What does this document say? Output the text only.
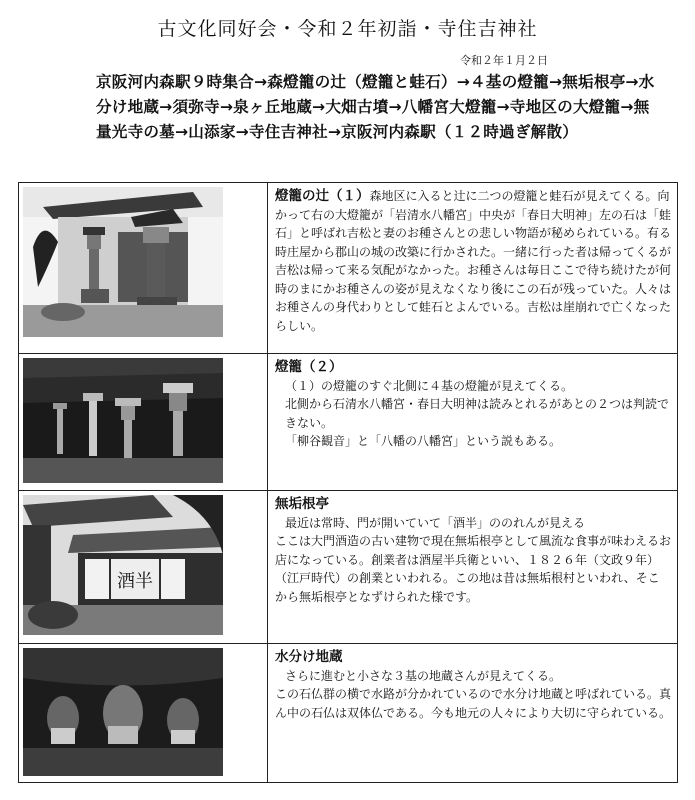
古文化同好会・令和２年初詣・寺住吉神社
令和２年１月２日
京阪河内森駅９時集合→森燈籠の辻（燈籠と蛙石）→４基の燈籠→無垢根亭→水分け地蔵→須弥寺→泉ヶ丘地蔵→大畑古墳→八幡宮大燈籠→寺地区の大燈籠→無量光寺の墓→山添家→寺住吉神社→京阪河内森駅（１２時過ぎ解散）
	燈籠の辻（１）森地区に入ると辻に二つの燈籠と蛙石が見えてくる。向かって右の大燈籠が「岩清水八幡宮」中央が「春日大明神」左の石は「蛙石」と呼ばれ吉松と妻のお種さんとの悲しい物語が秘められている。有る時庄屋から郡山の城の改築に行かされた。一緒に行った者は帰ってくるが吉松は帰って来る気配がなかった。お種さんは毎日ここで待ち続けたが何時のまにかお種さんの姿が見えなくなり後にこの石が残っていた。人々はお種さんの身代わりとして蛙石とよんでいる。吉松は崖崩れで亡くなったらしい。

燈籠（２）
（１）の燈籠のすぐ北側に４基の燈籠が見えてくる。
北側から石清水八幡宮・春日大明神は読みとれるがあとの２つは判読できない。
「柳谷観音」と「八幡の八幡宮」という説もある。

酒半	無垢根亭
最近は常時、門が開いていて「酒半」ののれんが見える
ここは大門酒造の古い建物で現在無垢根亭として風流な食事が味わえるお店になっている。創業者は酒屋半兵衛といい、１８２６年（文政９年）（江戸時代）の創業といわれる。この地は昔は無垢根村といわれ、そこから無垢根亭となずけられた様です。

水分け地蔵
さらに進むと小さな３基の地蔵さんが見えてくる。
この石仏群の横で水路が分かれているので水分け地蔵と呼ばれている。真ん中の石仏は双体仏である。今も地元の人々により大切に守られている。
